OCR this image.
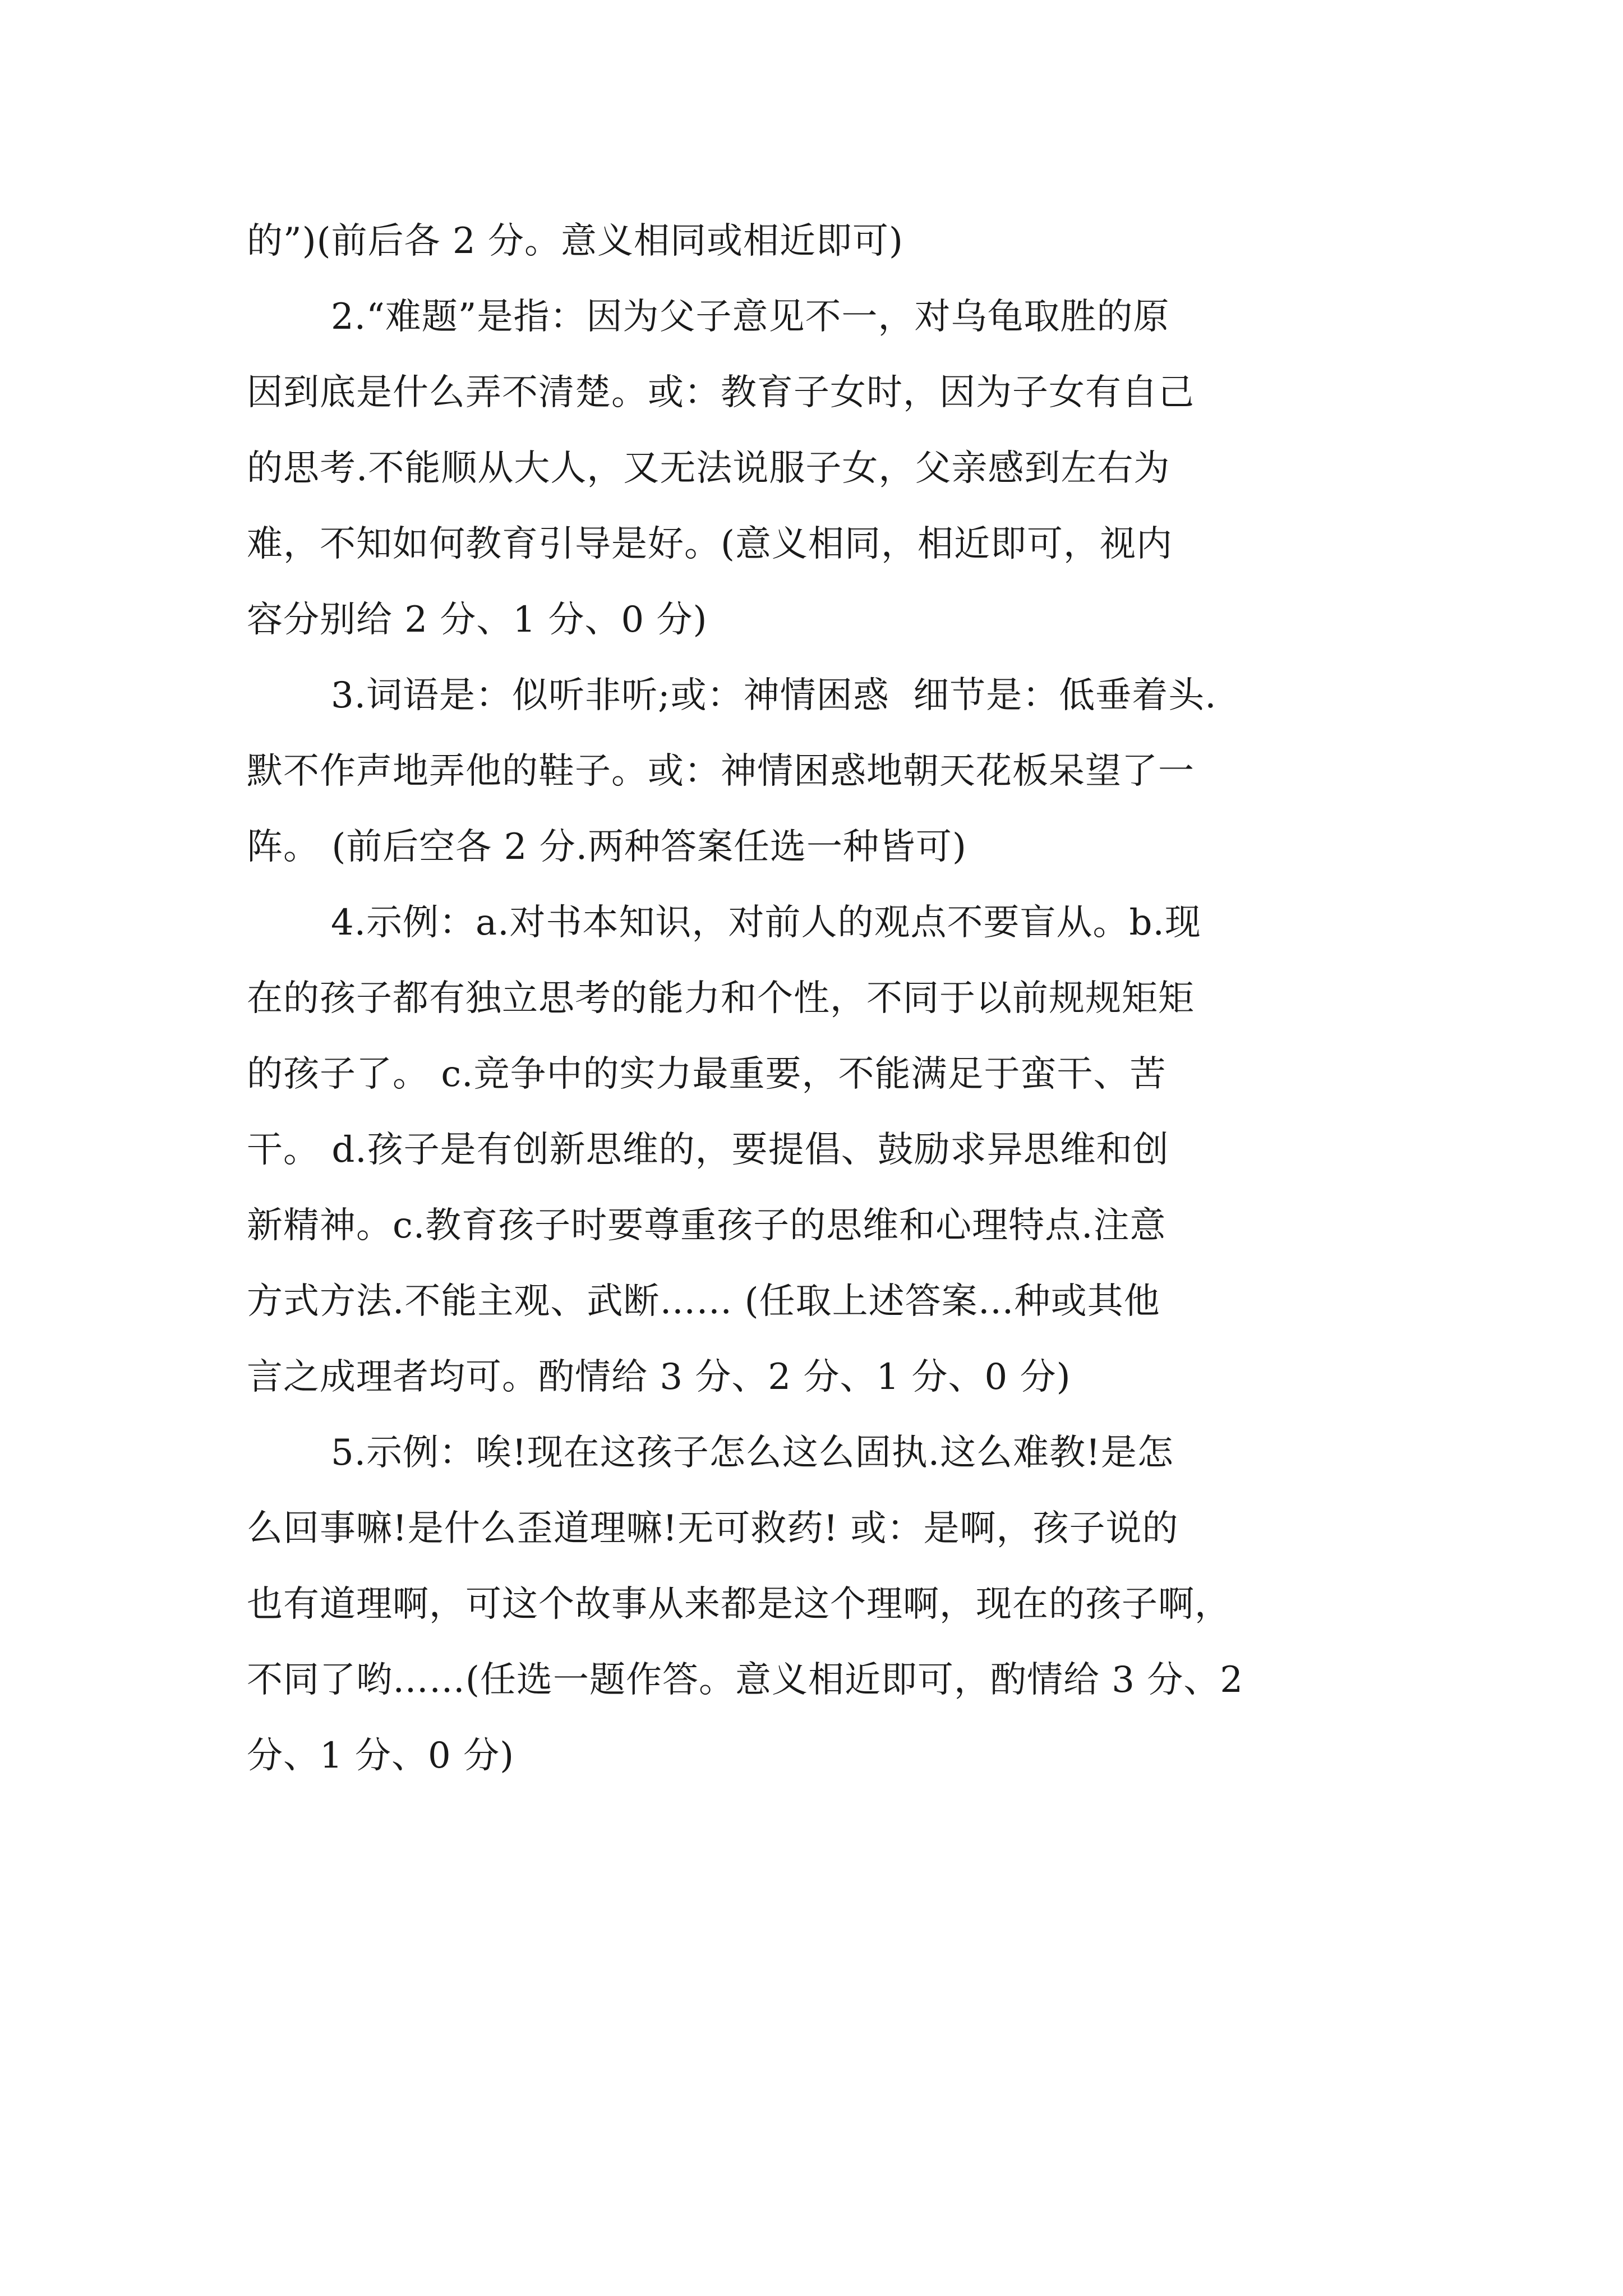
的”)(前后各 2 分。意义相同或相近即可)
2.“难题”是指：因为父子意见不一，对乌龟取胜的原
因到底是什么弄不清楚。或：教育子女时，因为子女有自己
的思考.不能顺从大人，又无法说服子女，父亲感到左右为
难，不知如何教育引导是好。(意义相同，相近即可，视内
容分别给 2 分、1 分、0 分)
3.词语是：似听非听;或：神情困惑  细节是：低垂着头.
默不作声地弄他的鞋子。或：神情困惑地朝天花板呆望了一
阵。 (前后空各 2 分.两种答案任选一种皆可)
4.示例：a.对书本知识，对前人的观点不要盲从。b.现
在的孩子都有独立思考的能力和个性，不同于以前规规矩矩
的孩子了。 c.竞争中的实力最重要，不能满足于蛮干、苦
干。 d.孩子是有创新思维的，要提倡、鼓励求异思维和创
新精神。c.教育孩子时要尊重孩子的思维和心理特点.注意
方式方法.不能主观、武断…… (任取上述答案…种或其他
言之成理者均可。酌情给 3 分、2 分、1 分、0 分)
5.示例：唉!现在这孩子怎么这么固执.这么难教!是怎
么回事嘛!是什么歪道理嘛!无可救药! 或：是啊，孩子说的
也有道理啊，可这个故事从来都是这个理啊，现在的孩子啊，
不同了哟……(任选一题作答。意义相近即可，酌情给 3 分、2
分、1 分、0 分)
